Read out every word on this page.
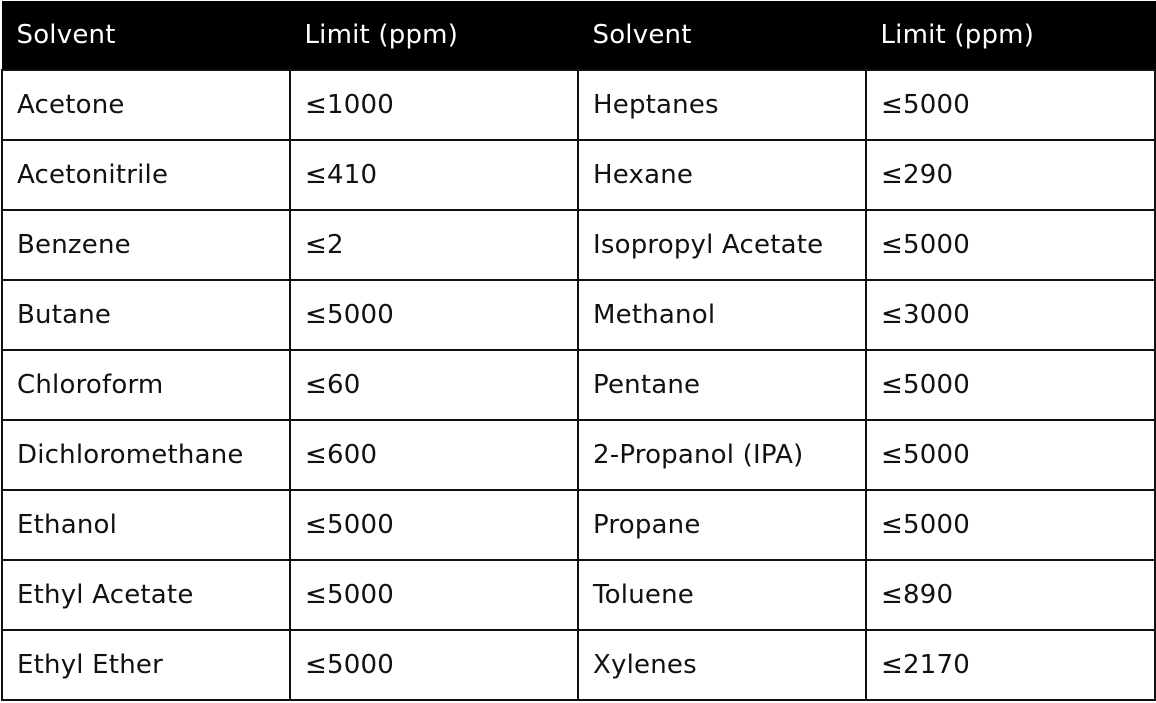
Solvent	Limit (ppm)	Solvent	Limit (ppm)
Acetone	≤1000	Heptanes	≤5000
Acetonitrile	≤410	Hexane	≤290
Benzene	≤2	Isopropyl Acetate	≤5000
Butane	≤5000	Methanol	≤3000
Chloroform	≤60	Pentane	≤5000
Dichloromethane	≤600	2-Propanol (IPA)	≤5000
Ethanol	≤5000	Propane	≤5000
Ethyl Acetate	≤5000	Toluene	≤890
Ethyl Ether	≤5000	Xylenes	≤2170
